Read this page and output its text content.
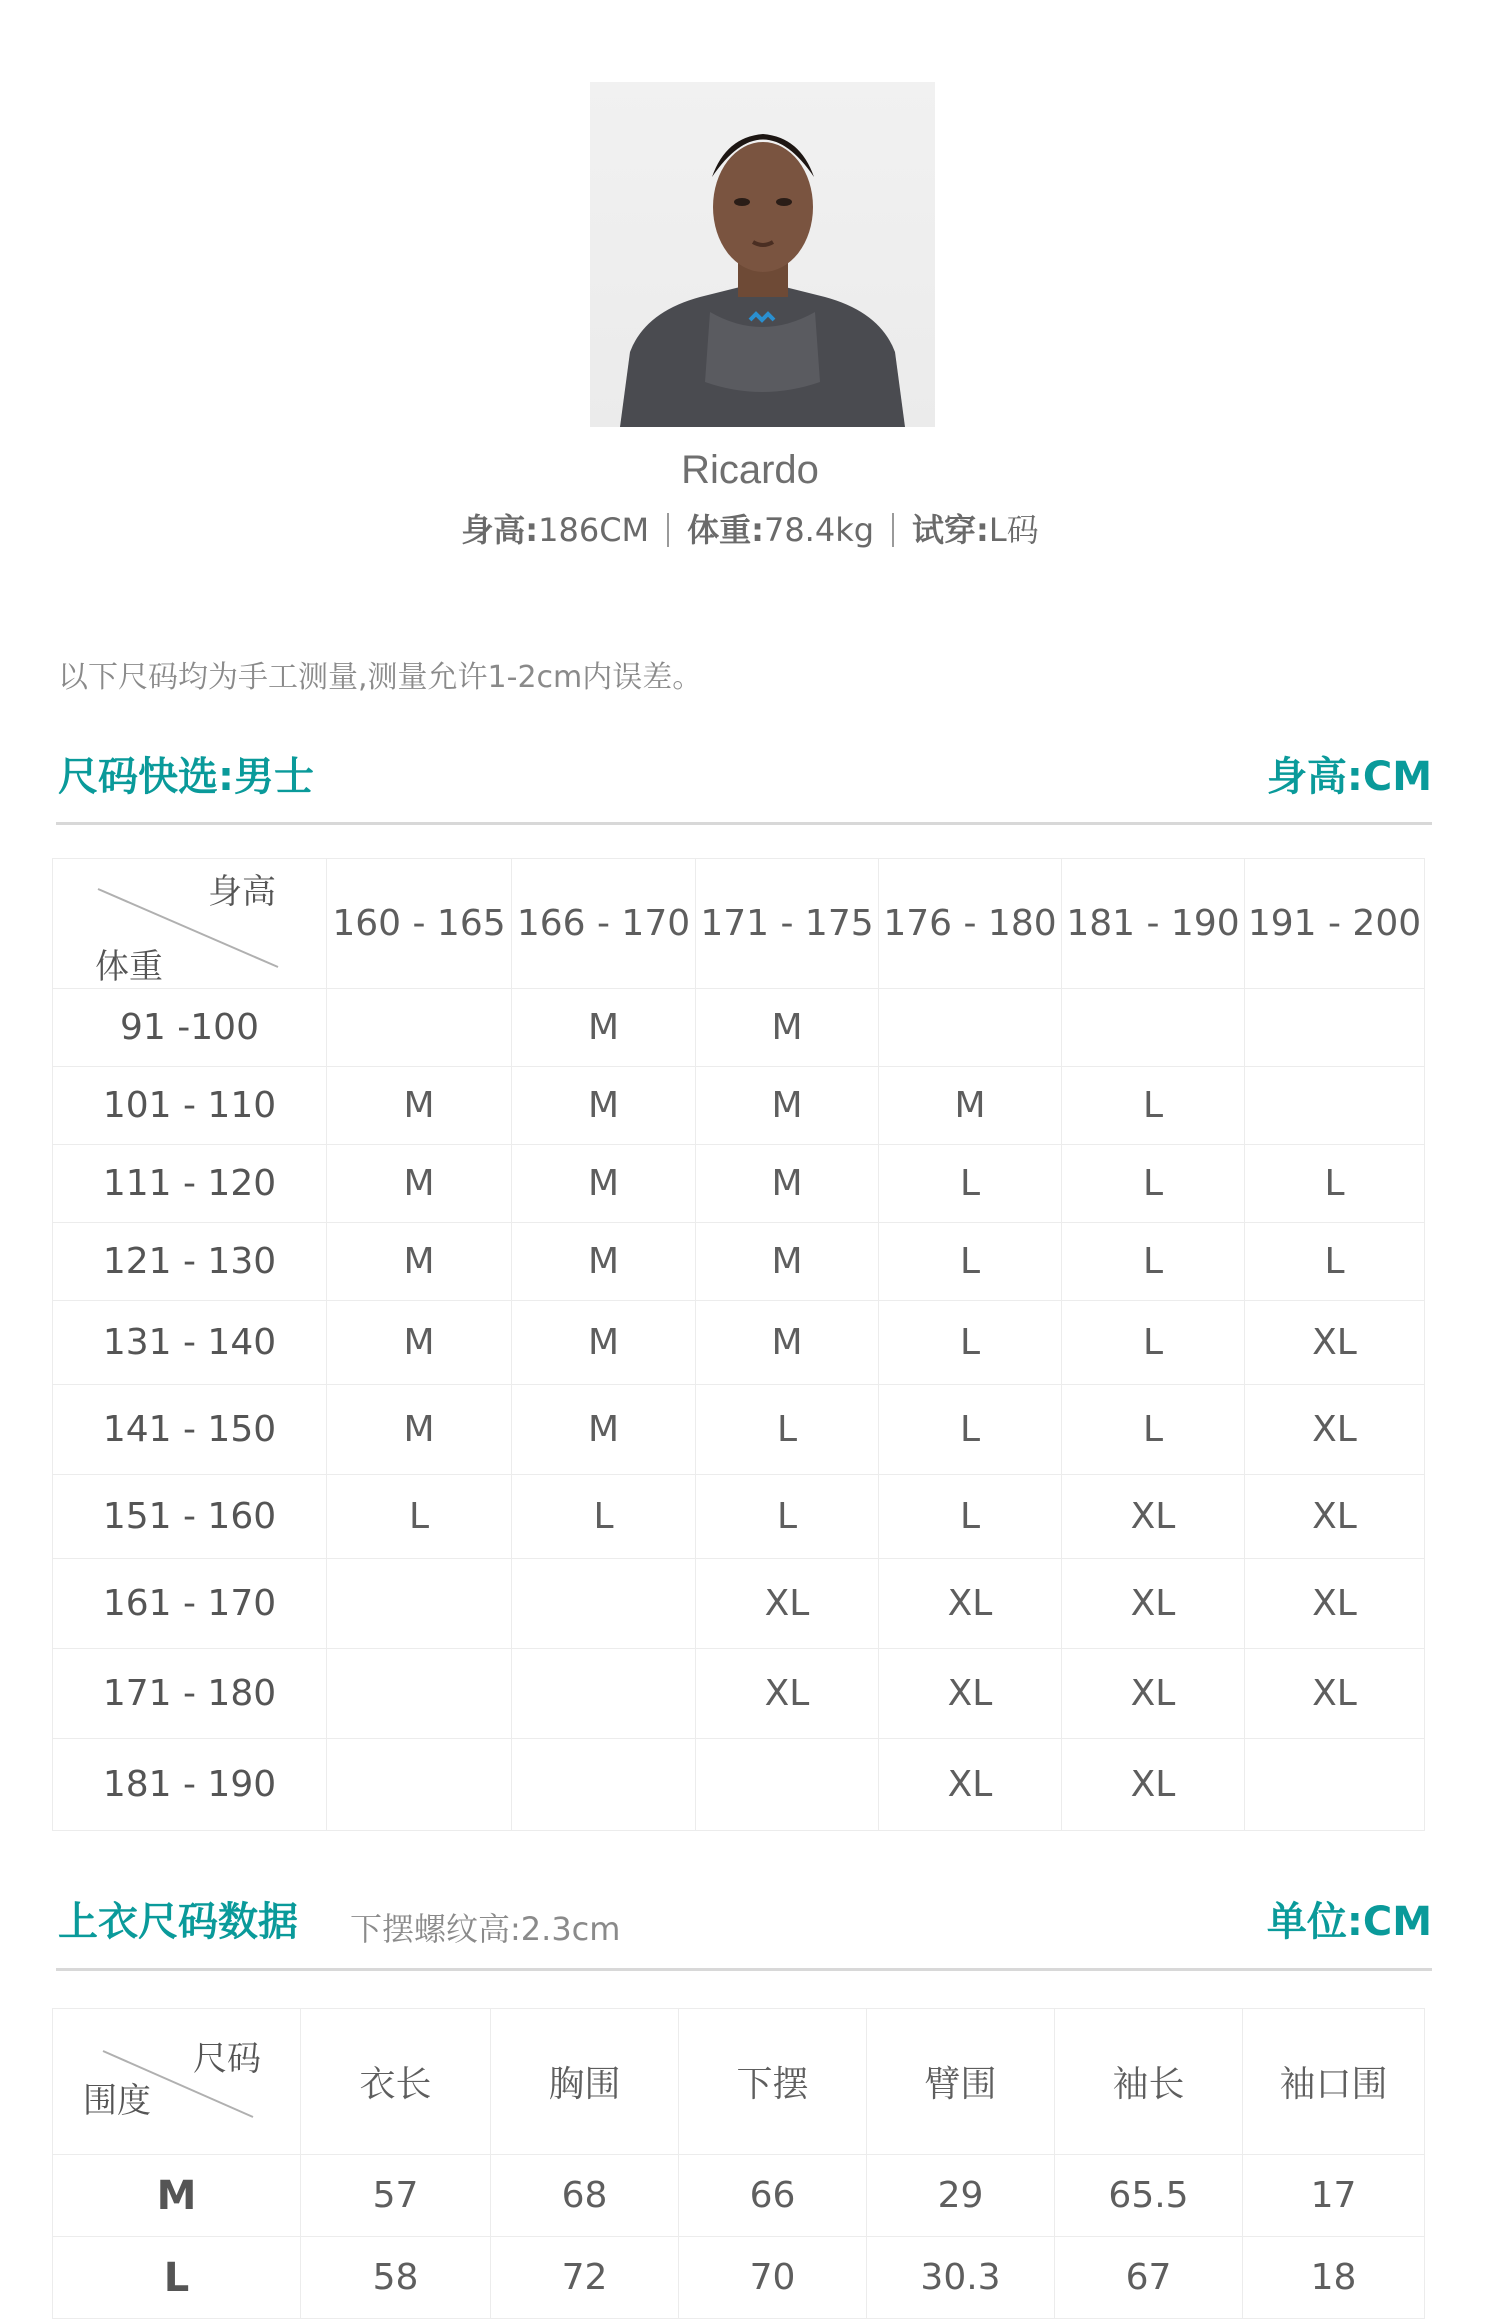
Ricardo
身高:186CM 体重:78.4kg 试穿:L码
以下尺码均为手工测量,测量允许1-2cm内误差。
尺码快选:男士	身高:CM
身高
体重	160 - 165	166 - 170	171 - 175	176 - 180	181 - 190	191 - 200
91 -100		M	M			
101 - 110	M	M	M	M	L	
111 - 120	M	M	M	L	L	L
121 - 130	M	M	M	L	L	L
131 - 140	M	M	M	L	L	XL
141 - 150	M	M	L	L	L	XL
151 - 160	L	L	L	L	XL	XL
161 - 170			XL	XL	XL	XL
171 - 180			XL	XL	XL	XL
181 - 190				XL	XL	
上衣尺码数据 下摆螺纹高:2.3cm	单位:CM
尺码
围度	衣长	胸围	下摆	臂围	袖长	袖口围
M	57	68	66	29	65.5	17
L	58	72	70	30.3	67	18
